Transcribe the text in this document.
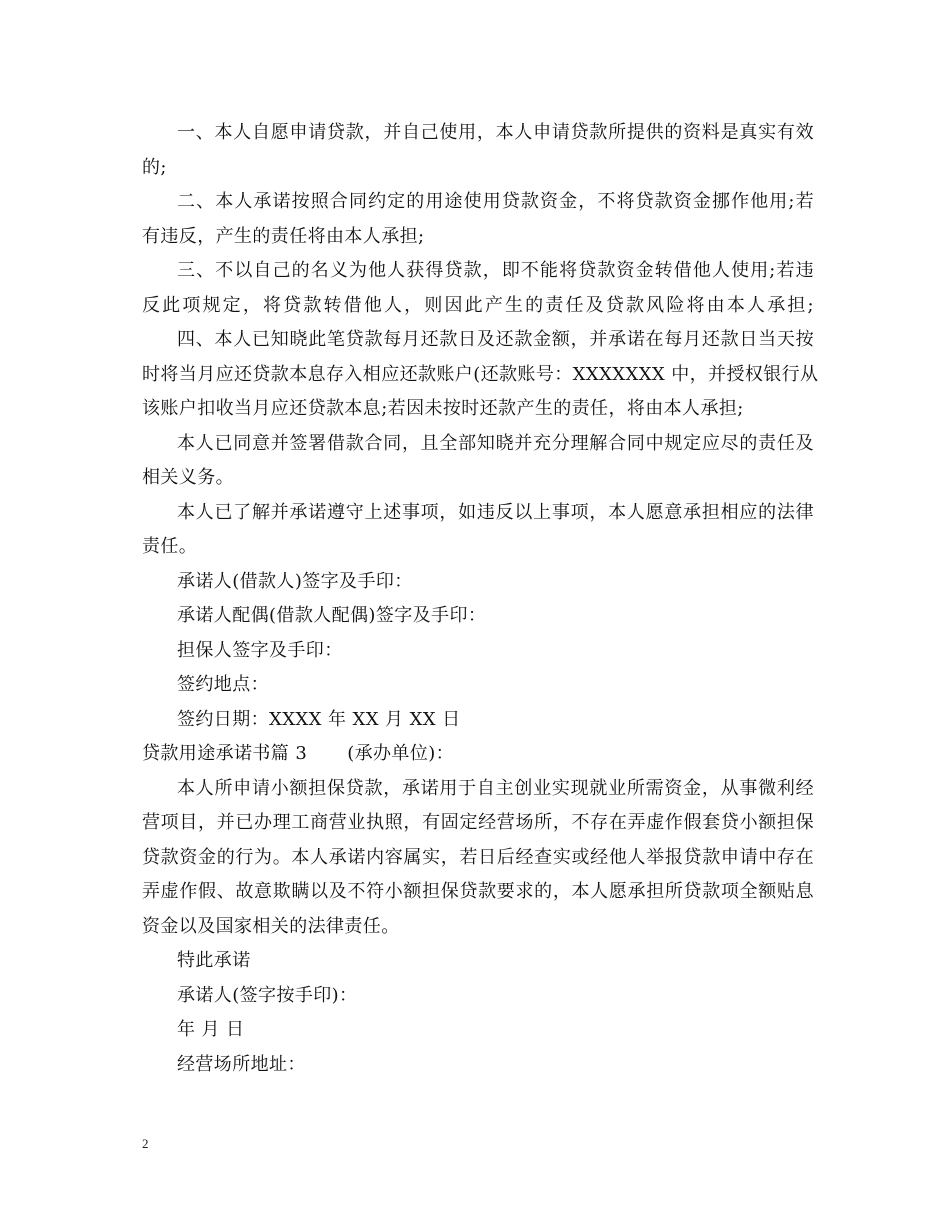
一、本人自愿申请贷款，并自己使用，本人申请贷款所提供的资料是真实有效
的;
二、本人承诺按照合同约定的用途使用贷款资金，不将贷款资金挪作他用;若
有违反，产生的责任将由本人承担;
三、不以自己的名义为他人获得贷款，即不能将贷款资金转借他人使用;若违
反此项规定，将贷款转借他人，则因此产生的责任及贷款风险将由本人承担;
四、本人已知晓此笔贷款每月还款日及还款金额，并承诺在每月还款日当天按
时将当月应还贷款本息存入相应还款账户(还款账号：XXXXXXX 中，并授权银行从
该账户扣收当月应还贷款本息;若因未按时还款产生的责任，将由本人承担;
本人已同意并签署借款合同，且全部知晓并充分理解合同中规定应尽的责任及
相关义务。
本人已了解并承诺遵守上述事项，如违反以上事项，本人愿意承担相应的法律
责任。
承诺人(借款人)签字及手印：
承诺人配偶(借款人配偶)签字及手印：
担保人签字及手印：
签约地点：
签约日期：XXXX 年 XX 月 XX 日
贷款用途承诺书篇 3 (承办单位)：
本人所申请小额担保贷款，承诺用于自主创业实现就业所需资金，从事微利经
营项目，并已办理工商营业执照，有固定经营场所，不存在弄虚作假套贷小额担保
贷款资金的行为。本人承诺内容属实，若日后经查实或经他人举报贷款申请中存在
弄虚作假、故意欺瞒以及不符小额担保贷款要求的，本人愿承担所贷款项全额贴息
资金以及国家相关的法律责任。
特此承诺
承诺人(签字按手印)：
年 月 日
经营场所地址：
2
